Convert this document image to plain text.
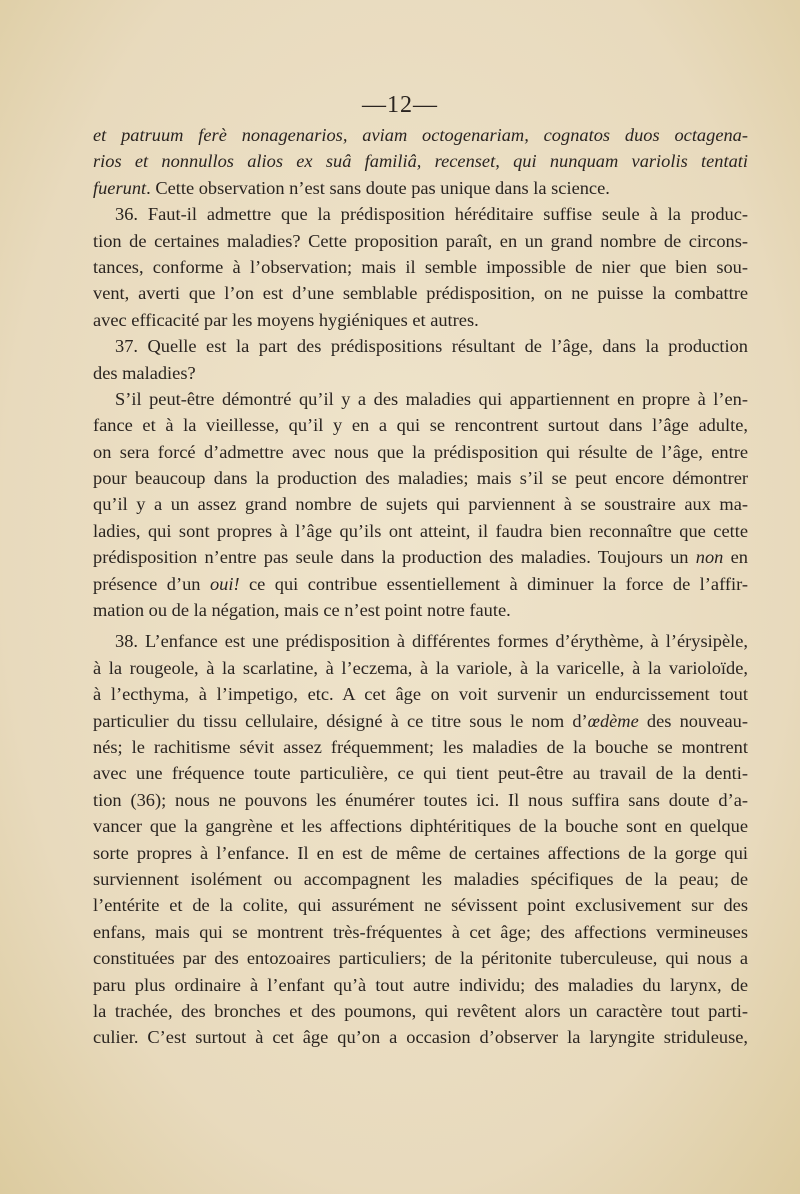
—12—
et patruum ferè nonagenarios, aviam octogenariam, cognatos duos octagena-
rios et nonnullos alios ex suâ familiâ, recenset, qui nunquam variolis tentati
fuerunt. Cette observation n’est sans doute pas unique dans la science.
36. Faut-il admettre que la prédisposition héréditaire suffise seule à la produc-
tion de certaines maladies? Cette proposition paraît, en un grand nombre de circons-
tances, conforme à l’observation; mais il semble impossible de nier que bien sou-
vent, averti que l’on est d’une semblable prédisposition, on ne puisse la combattre
avec efficacité par les moyens hygiéniques et autres.
37. Quelle est la part des prédispositions résultant de l’âge, dans la production
des maladies?
S’il peut-être démontré qu’il y a des maladies qui appartiennent en propre à l’en-
fance et à la vieillesse, qu’il y en a qui se rencontrent surtout dans l’âge adulte,
on sera forcé d’admettre avec nous que la prédisposition qui résulte de l’âge, entre
pour beaucoup dans la production des maladies; mais s’il se peut encore démontrer
qu’il y a un assez grand nombre de sujets qui parviennent à se soustraire aux ma-
ladies, qui sont propres à l’âge qu’ils ont atteint, il faudra bien reconnaître que cette
prédisposition n’entre pas seule dans la production des maladies. Toujours un non en
présence d’un oui! ce qui contribue essentiellement à diminuer la force de l’affir-
mation ou de la négation, mais ce n’est point notre faute.
38. L’enfance est une prédisposition à différentes formes d’érythème, à l’érysipèle,
à la rougeole, à la scarlatine, à l’eczema, à la variole, à la varicelle, à la varioloïde,
à l’ecthyma, à l’impetigo, etc. A cet âge on voit survenir un endurcissement tout
particulier du tissu cellulaire, désigné à ce titre sous le nom d’œdème des nouveau-
nés; le rachitisme sévit assez fréquemment; les maladies de la bouche se montrent
avec une fréquence toute particulière, ce qui tient peut-être au travail de la denti-
tion (36); nous ne pouvons les énumérer toutes ici. Il nous suffira sans doute d’a-
vancer que la gangrène et les affections diphtéritiques de la bouche sont en quelque
sorte propres à l’enfance. Il en est de même de certaines affections de la gorge qui
surviennent isolément ou accompagnent les maladies spécifiques de la peau; de
l’entérite et de la colite, qui assurément ne sévissent point exclusivement sur des
enfans, mais qui se montrent très-fréquentes à cet âge; des affections vermineuses
constituées par des entozoaires particuliers; de la péritonite tuberculeuse, qui nous a
paru plus ordinaire à l’enfant qu’à tout autre individu; des maladies du larynx, de
la trachée, des bronches et des poumons, qui revêtent alors un caractère tout parti-
culier. C’est surtout à cet âge qu’on a occasion d’observer la laryngite striduleuse,
